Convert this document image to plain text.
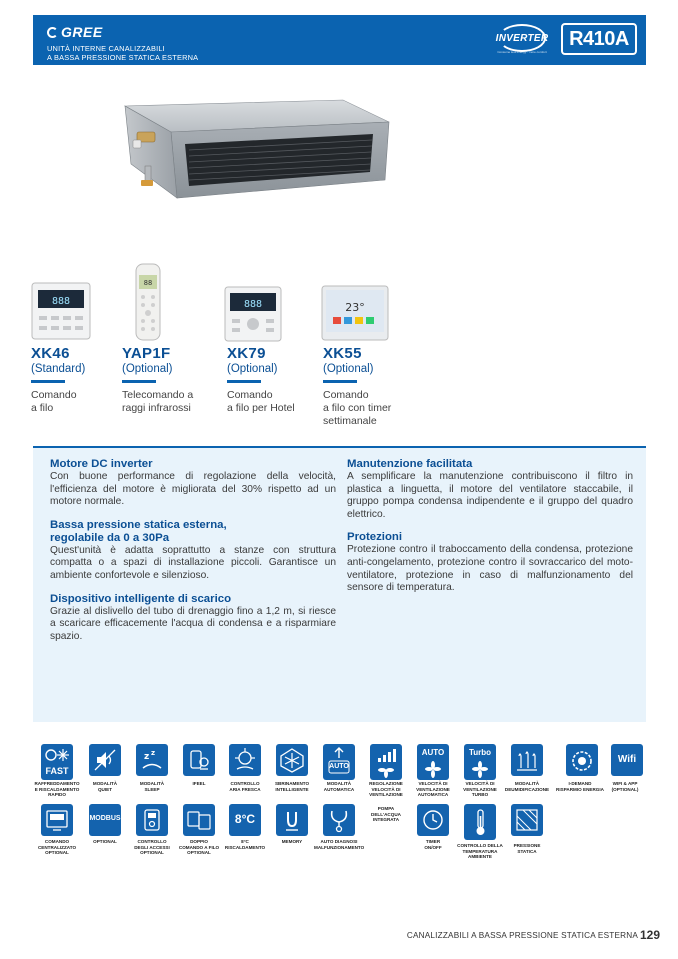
GREE
UNITÀ INTERNE CANALIZZABILI
A BASSA PRESSIONE STATICA ESTERNA
INVERTER
Consume less energy · more comfort
R410A
888
88
888	23°
XK46
(Standard)
Comando
a filo
YAP1F
(Optional)
Telecomando a
raggi infrarossi
XK79
(Optional)
Comando
a filo per Hotel
XK55
(Optional)
Comando
a filo con timer
settimanale
Motore DC inverter
Con buone performance di regolazione della velocità, l'efficienza del motore è migliorata del 30% rispetto ad un motore normale.
Bassa pressione statica esterna,
regolabile da 0 a 30Pa
Quest'unità è adatta soprattutto a stanze con struttura compatta o a spazi di installazione piccoli. Garantisce un ambiente confortevole e silenzioso.
Dispositivo intelligente di scarico
Grazie al dislivello del tubo di drenaggio fino a 1,2 m, si riesce a scaricare efficacemente l'acqua di condensa e a risparmiare spazio.
Manutenzione facilitata
A semplificare la manutenzione contribuiscono il filtro in plastica a linguetta, il motore del ventilatore staccabile, il gruppo pompa condensa indipendente e il gruppo del quadro elettrico.
Protezioni
Protezione contro il traboccamento della condensa, protezione anti-congelamento, protezione contro il sovraccarico del moto-ventilatore, protezione in caso di malfunzionamento del sensore di temperatura.
FAST
z z
AUTO
AUTO	Turbo
Wifi
RAFFREDDAMENTO
E RISCALDAMENTO
RAPIDO
MODALITÀ
QUIET
MODALITÀ
SLEEP
IFEEL	CONTROLLO
ARIA FRESCA
SBRINAMENTO
INTELLIGENTE
MODALITÀ
AUTOMATICA
REGOLAZIONE
VELOCITÀ DI
VENTILAZIONE
VELOCITÀ DI
VENTILAZIONE
AUTOMATICA
VELOCITÀ DI
VENTILAZIONE
TURBO
MODALITÀ
DEUMIDIFICAZIONE
I-DEMAND
RISPARMIO ENERGIA
WIFI & APP
(OPTIONAL)
MODBUS	8°C
POMPA
DELL'ACQUA
INTEGRATA
COMANDO
CENTRALIZZATO
OPTIONAL
OPTIONAL	CONTROLLO
DEGLI ACCESSI
OPTIONAL
DOPPIO
COMANDO A FILO
OPTIONAL
8°C
RISCALDAMENTO
MEMORY	AUTO DIAGNOSI
MALFUNZIONAMENTO
TIMER
ON/OFF	CONTROLLO DELLA
TEMPERATURA
AMBIENTE
PRESSIONE
STATICA
CANALIZZABILI A BASSA PRESSIONE STATICA ESTERNA 129
